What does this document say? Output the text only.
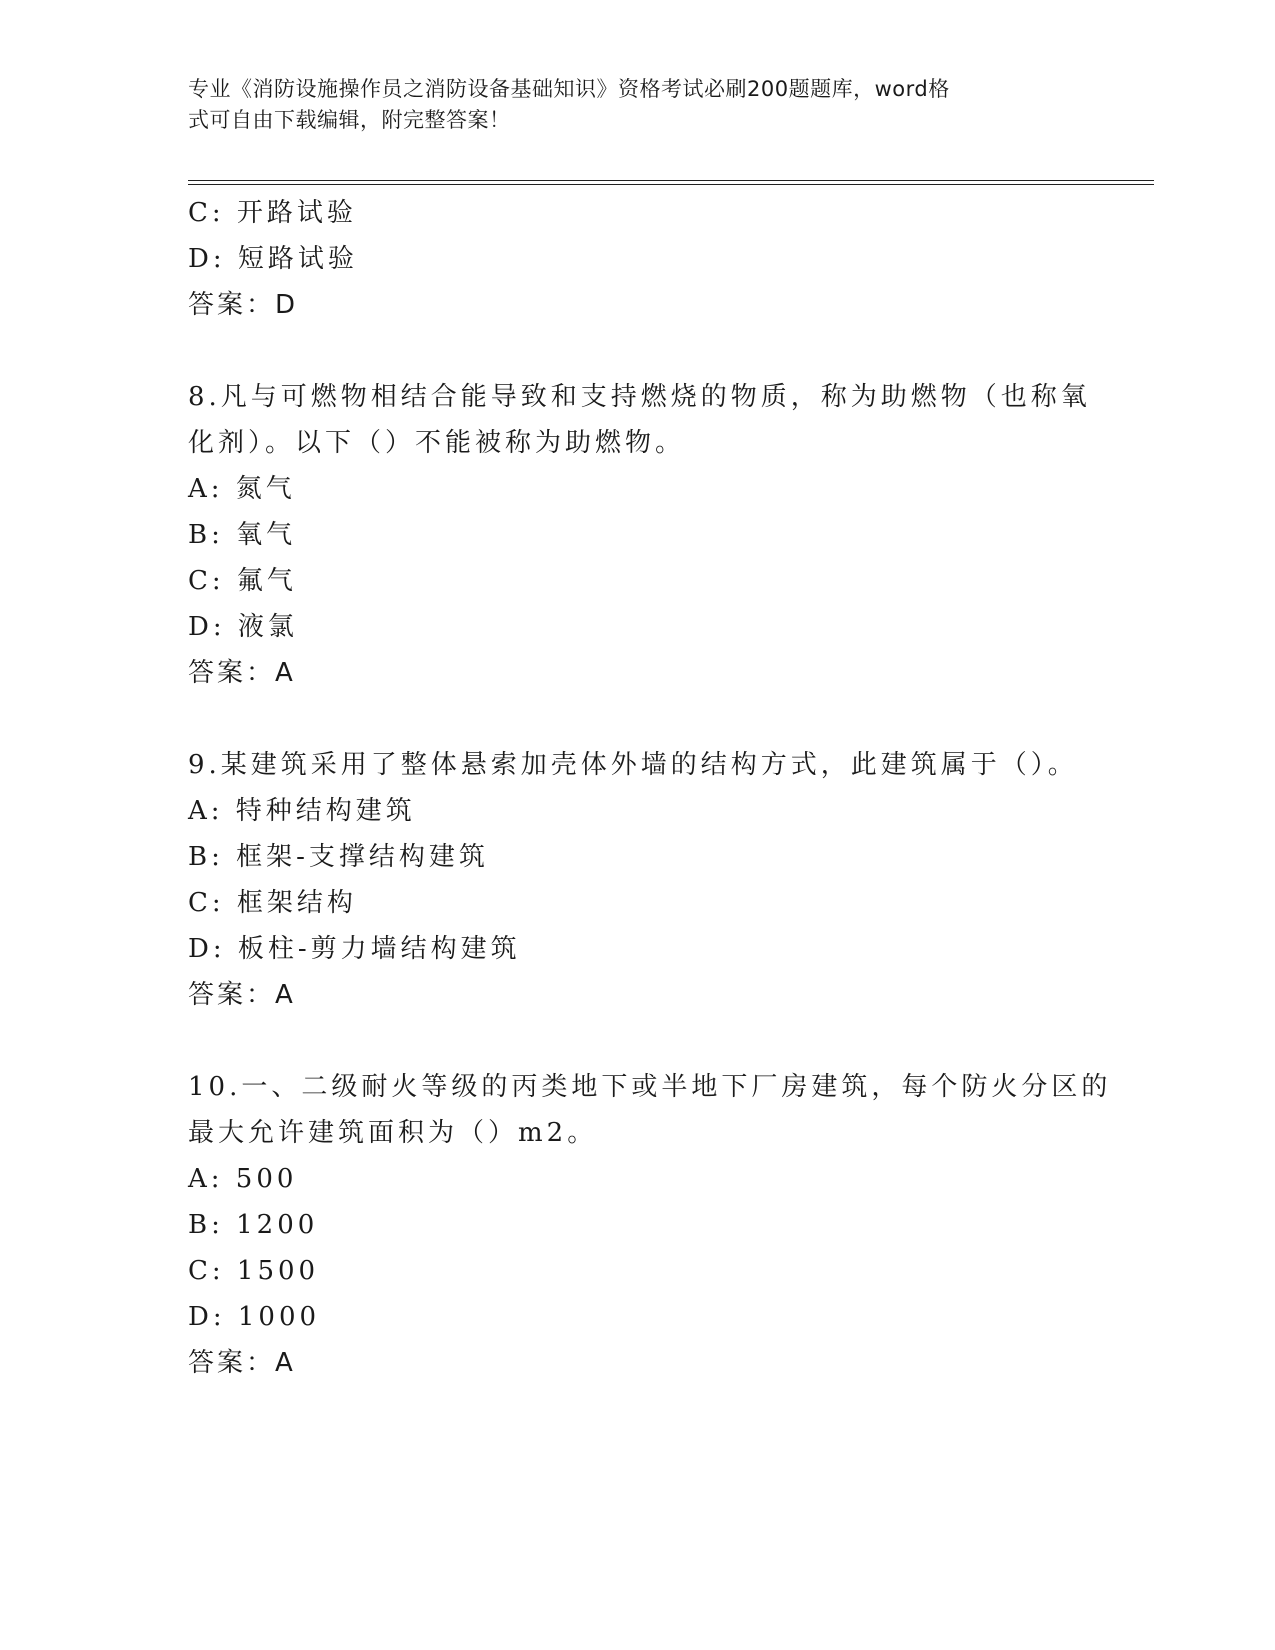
专业《消防设施操作员之消防设备基础知识》资格考试必刷200题题库，word格
式可自由下载编辑，附完整答案！
C: 开路试验
D: 短路试验
答案：D
8.凡与可燃物相结合能导致和支持燃烧的物质，称为助燃物（也称氧
化剂）。以下（）不能被称为助燃物。
A: 氮气
B: 氧气
C: 氟气
D: 液氯
答案：A
9.某建筑采用了整体悬索加壳体外墙的结构方式，此建筑属于（）。
A: 特种结构建筑
B: 框架-支撑结构建筑
C: 框架结构
D: 板柱-剪力墙结构建筑
答案：A
10.一、二级耐火等级的丙类地下或半地下厂房建筑，每个防火分区的
最大允许建筑面积为（）m2。
A: 500
B: 1200
C: 1500
D: 1000
答案：A
